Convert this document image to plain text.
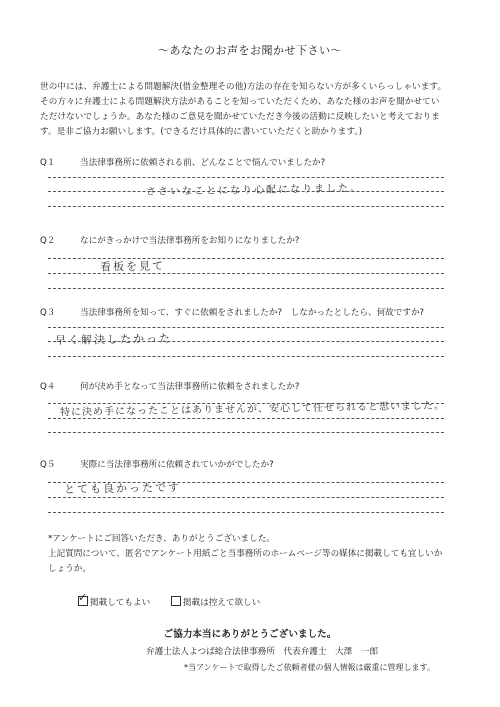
～あなたのお声をお聞かせ下さい～

世の中には、弁護士による問題解決(借金整理その他)方法の存在を知らない方が多くいらっしゃいます。

その方々に弁護士による問題解決方法があることを知っていただくため、あなた様のお声を聞かせてい

ただけないでしょうか。あなた様のご意見を聞かせていただき今後の活動に反映したいと考えておりま

す。是非ご協力お願いします。(できるだけ具体的に書いていただくと助かります。)

Q１	当法律事務所に依頼される前、どんなことで悩んでいましたか?
ささいなことになり心配になりました。
Q２	なにがきっかけで当法律事務所をお知りになりましたか?
看板を見て
Q３	当法律事務所を知って、すぐに依頼をされましたか?　しなかったとしたら、何故ですか?
早く解決したかった
Q４	何が決め手となって当法律事務所に依頼をされましたか?
特に決め手になったことはありませんが、安心して任せられると思いました。
Q５	実際に当法律事務所に依頼されていかがでしたか?
とても良かったです

*アンケートにご回答いただき、ありがとうございました。

上記質問について、匿名でアンケート用紙ごと当事務所のホームページ等の媒体に掲載しても宜しいか

しょうか。

✓ 掲載してもよい	掲載は控えて欲しい
ご協力本当にありがとうございました。
弁護士法人よつば総合法律事務所　代表弁護士　大澤　一郎
*当アンケートで取得したご依頼者様の個人情報は厳重に管理します。
